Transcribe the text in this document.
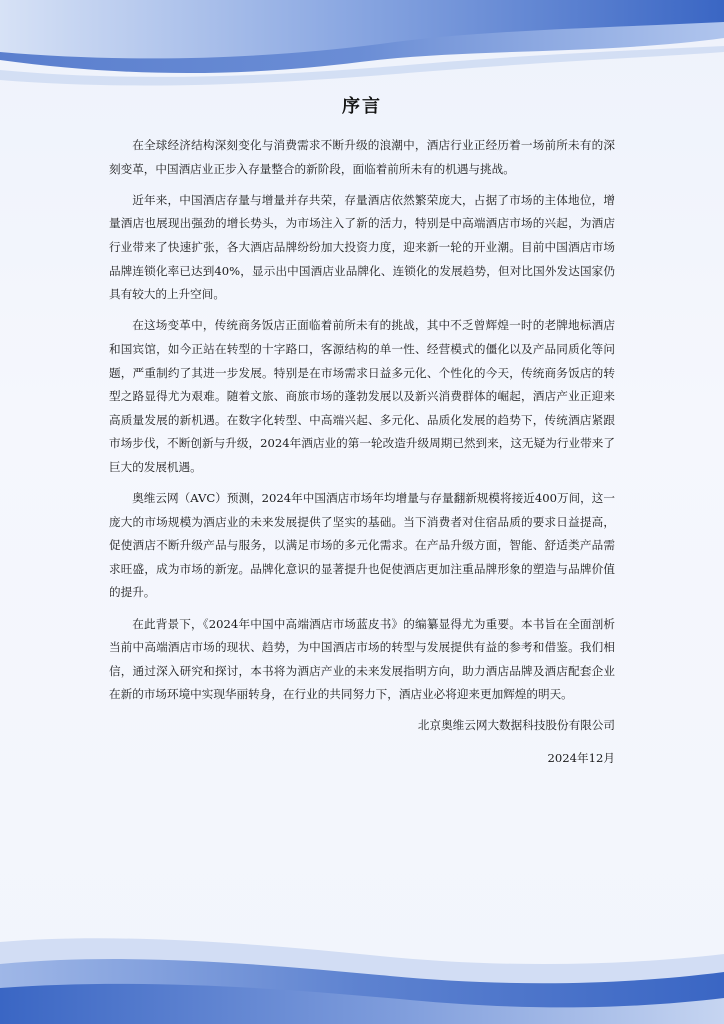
序言

在全球经济结构深刻变化与消费需求不断升级的浪潮中，酒店行业正经历着一场前所未有的深刻变革，中国酒店业正步入存量整合的新阶段，面临着前所未有的机遇与挑战。

近年来，中国酒店存量与增量并存共荣，存量酒店依然繁荣庞大，占据了市场的主体地位，增量酒店也展现出强劲的增长势头，为市场注入了新的活力，特别是中高端酒店市场的兴起，为酒店行业带来了快速扩张，各大酒店品牌纷纷加大投资力度，迎来新一轮的开业潮。目前中国酒店市场品牌连锁化率已达到40%，显示出中国酒店业品牌化、连锁化的发展趋势，但对比国外发达国家仍具有较大的上升空间。

在这场变革中，传统商务饭店正面临着前所未有的挑战，其中不乏曾辉煌一时的老牌地标酒店和国宾馆，如今正站在转型的十字路口，客源结构的单一性、经营模式的僵化以及产品同质化等问题，严重制约了其进一步发展。特别是在市场需求日益多元化、个性化的今天，传统商务饭店的转型之路显得尤为艰难。随着文旅、商旅市场的蓬勃发展以及新兴消费群体的崛起，酒店产业正迎来高质量发展的新机遇。在数字化转型、中高端兴起、多元化、品质化发展的趋势下，传统酒店紧跟市场步伐，不断创新与升级，2024年酒店业的第一轮改造升级周期已然到来，这无疑为行业带来了巨大的发展机遇。

奥维云网（AVC）预测，2024年中国酒店市场年均增量与存量翻新规模将接近400万间，这一庞大的市场规模为酒店业的未来发展提供了坚实的基础。当下消费者对住宿品质的要求日益提高，促使酒店不断升级产品与服务，以满足市场的多元化需求。在产品升级方面，智能、舒适类产品需求旺盛，成为市场的新宠。品牌化意识的显著提升也促使酒店更加注重品牌形象的塑造与品牌价值的提升。

在此背景下，《2024年中国中高端酒店市场蓝皮书》的编纂显得尤为重要。本书旨在全面剖析当前中高端酒店市场的现状、趋势，为中国酒店市场的转型与发展提供有益的参考和借鉴。我们相信，通过深入研究和探讨，本书将为酒店产业的未来发展指明方向，助力酒店品牌及酒店配套企业在新的市场环境中实现华丽转身，在行业的共同努力下，酒店业必将迎来更加辉煌的明天。

北京奥维云网大数据科技股份有限公司

2024年12月
